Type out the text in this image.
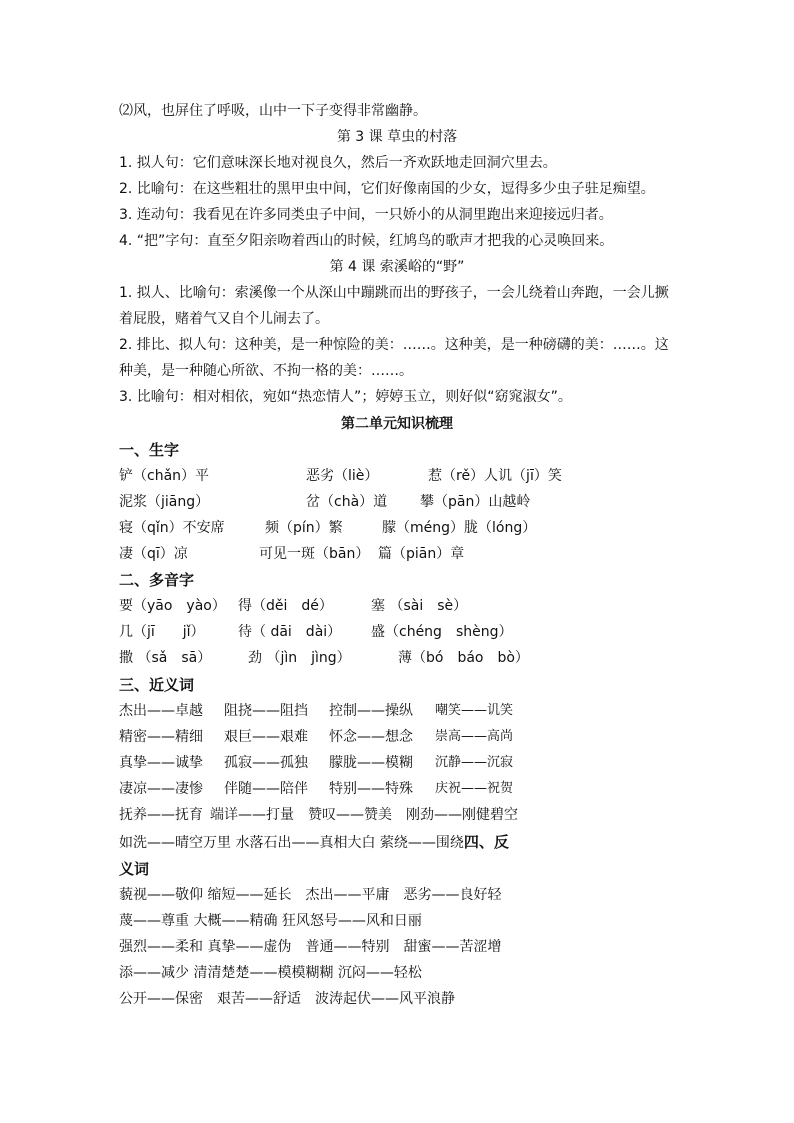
⑵风，也屏住了呼吸，山中一下子变得非常幽静。
第 3 课 草虫的村落
1. 拟人句：它们意味深长地对视良久，然后一齐欢跃地走回洞穴里去。
2. 比喻句：在这些粗壮的黑甲虫中间，它们好像南国的少女，逗得多少虫子驻足痴望。
3. 连动句：我看见在许多同类虫子中间，一只娇小的从洞里跑出来迎接远归者。
4. “把”字句：直至夕阳亲吻着西山的时候，红鸠鸟的歌声才把我的心灵唤回来。
第 4 课 索溪峪的“野”
1. 拟人、比喻句：索溪像一个从深山中蹦跳而出的野孩子，一会儿绕着山奔跑，一会儿撅
着屁股，赌着气又自个儿闹去了。
2. 排比、拟人句：这种美，是一种惊险的美：……。这种美，是一种磅礴的美：……。这
种美，是一种随心所欲、不拘一格的美：……。
3. 比喻句：相对相依，宛如“热恋情人”；婷婷玉立，则好似“窈窕淑女”。
第二单元知识梳理
一、生字
铲（chǎn）平	恶劣（liè）	惹（rě）人讥（jī）笑
泥浆（jiāng）	岔（chà）道 攀（pān）山越岭
寝（qǐn）不安席	频（pín）繁	朦（méng）胧（lóng）
凄（qī）凉	可见一斑（bān） 篇（piān）章
二、多音字
要（yāo　yào） 得（děi　dé）	塞 （sài　sè）
几（jī　　jǐ） 待（ dāi　dài） 盛（chéng　shèng）
撒 （sǎ　sā）	劲 （jìn　jìng）	薄（bó　báo　bò）
三、近义词
杰出——卓越 阻挠——阻挡 控制——操纵 嘲笑——讥笑
精密——精细 艰巨——艰难 怀念——想念 崇高——高尚
真挚——诚挚 孤寂——孤独 朦胧——模糊 沉静——沉寂
凄凉——凄惨 伴随——陪伴 特别——特殊 庆祝——祝贺
抚养——抚育 端详——打量 赞叹——赞美 刚劲——刚健碧空
如洗——晴空万里 水落石出——真相大白 萦绕——围绕四、反
义词
藐视——敬仰 缩短——延长　杰出——平庸　恶劣——良好轻
蔑——尊重 大概——精确 狂风怒号——风和日丽
强烈——柔和 真挚——虚伪　普通——特别　甜蜜——苦涩增
添——减少 清清楚楚——模模糊糊 沉闷——轻松
公开——保密　艰苦——舒适　波涛起伏——风平浪静
